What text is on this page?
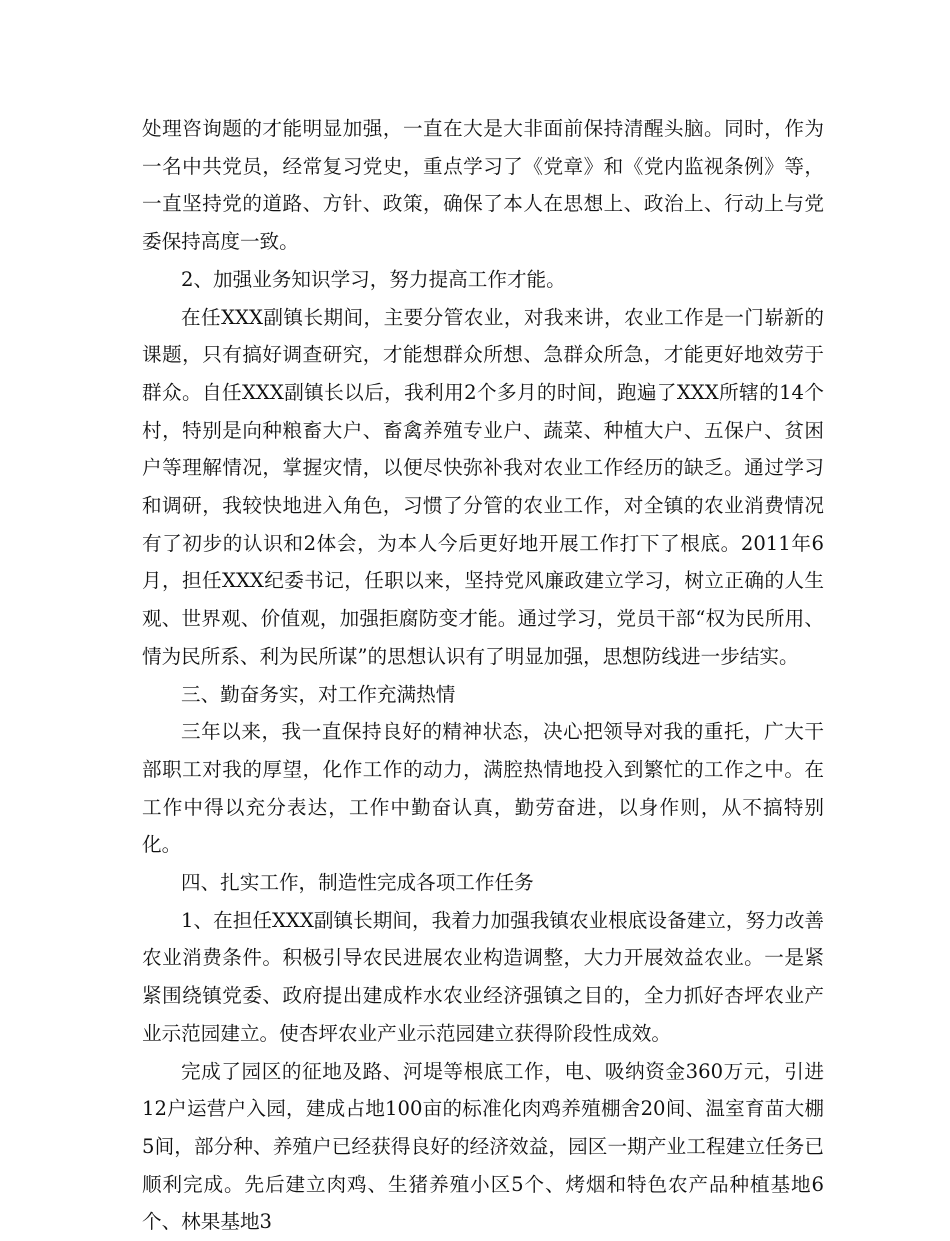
处理咨询题的才能明显加强，一直在大是大非面前保持清醒头脑。同时，作为一名中共党员，经常复习党史，重点学习了《党章》和《党内监视条例》等，一直坚持党的道路、方针、政策，确保了本人在思想上、政治上、行动上与党委保持高度一致。

2、加强业务知识学习，努力提高工作才能。

在任XXX副镇长期间，主要分管农业，对我来讲，农业工作是一门崭新的课题，只有搞好调查研究，才能想群众所想、急群众所急，才能更好地效劳于群众。自任XXX副镇长以后，我利用2个多月的时间，跑遍了XXX所辖的14个村，特别是向种粮畜大户、畜禽养殖专业户、蔬菜、种植大户、五保户、贫困户等理解情况，掌握灾情，以便尽快弥补我对农业工作经历的缺乏。通过学习和调研，我较快地进入角色，习惯了分管的农业工作，对全镇的农业消费情况有了初步的认识和2体会，为本人今后更好地开展工作打下了根底。2011年6月，担任XXX纪委书记，任职以来，坚持党风廉政建立学习，树立正确的人生观、世界观、价值观，加强拒腐防变才能。通过学习，党员干部“权为民所用、情为民所系、利为民所谋”的思想认识有了明显加强，思想防线进一步结实。

三、勤奋务实，对工作充满热情

三年以来，我一直保持良好的精神状态，决心把领导对我的重托，广大干部职工对我的厚望，化作工作的动力，满腔热情地投入到繁忙的工作之中。在工作中得以充分表达，工作中勤奋认真，勤劳奋进，以身作则，从不搞特别化。

四、扎实工作，制造性完成各项工作任务

1、在担任XXX副镇长期间，我着力加强我镇农业根底设备建立，努力改善农业消费条件。积极引导农民进展农业构造调整，大力开展效益农业。一是紧紧围绕镇党委、政府提出建成柞水农业经济强镇之目的，全力抓好杏坪农业产业示范园建立。使杏坪农业产业示范园建立获得阶段性成效。

完成了园区的征地及路、河堤等根底工作，电、吸纳资金360万元，引进12户运营户入园，建成占地100亩的标准化肉鸡养殖棚舍20间、温室育苗大棚5间，部分种、养殖户已经获得良好的经济效益，园区一期产业工程建立任务已顺利完成。先后建立肉鸡、生猪养殖小区5个、烤烟和特色农产品种植基地6个、林果基地3
